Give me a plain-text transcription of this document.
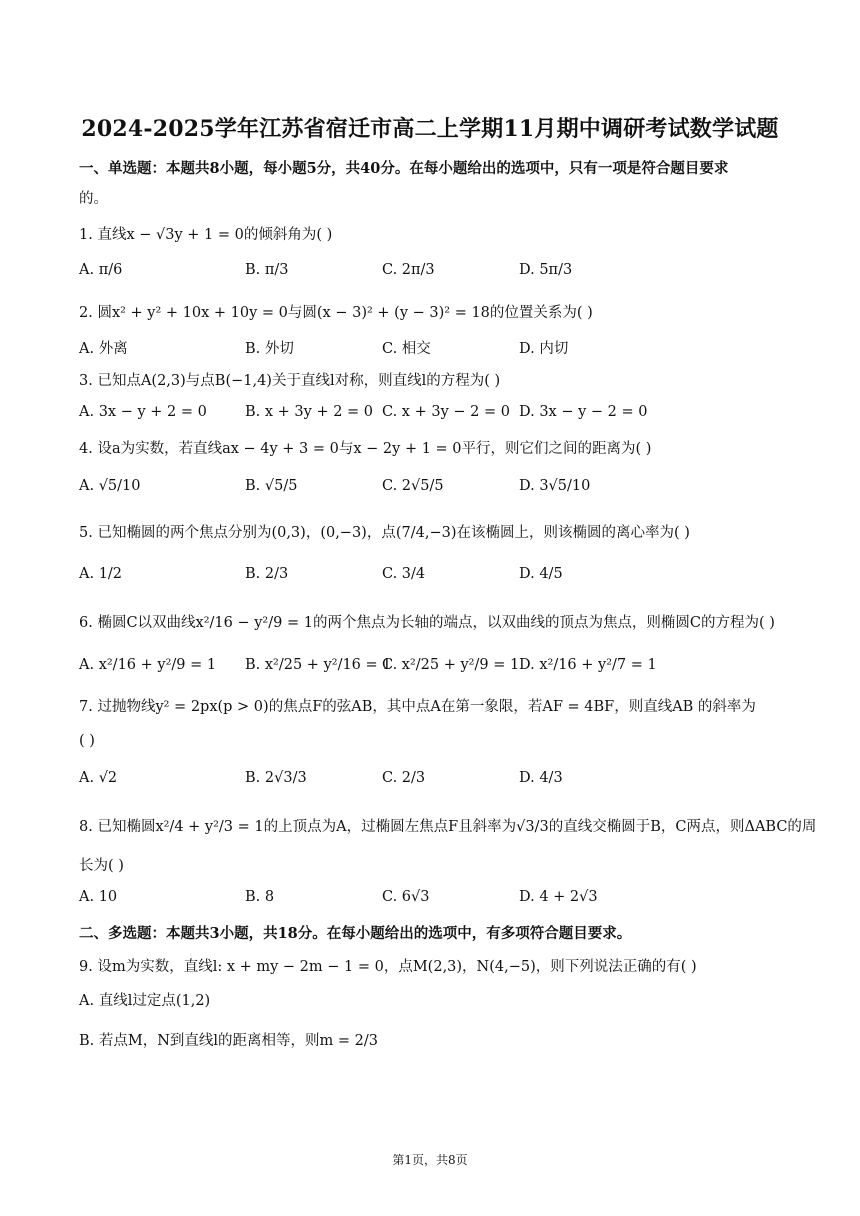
2024-2025学年江苏省宿迁市高二上学期11月期中调研考试数学试题
一、单选题：本题共8小题，每小题5分，共40分。在每小题给出的选项中，只有一项是符合题目要求
的。
1. 直线x − √3y + 1 = 0的倾斜角为( )
A. π/6	B. π/3	C. 2π/3	D. 5π/3
2. 圆x² + y² + 10x + 10y = 0与圆(x − 3)² + (y − 3)² = 18的位置关系为( )
A. 外离	B. 外切	C. 相交	D. 内切
3. 已知点A(2,3)与点B(−1,4)关于直线l对称，则直线l的方程为( )
A. 3x − y + 2 = 0	B. x + 3y + 2 = 0 C. x + 3y − 2 = 0 D. 3x − y − 2 = 0
4. 设a为实数，若直线ax − 4y + 3 = 0与x − 2y + 1 = 0平行，则它们之间的距离为( )
A. √5/10	B. √5/5	C. 2√5/5	D. 3√5/10
5. 已知椭圆的两个焦点分别为(0,3)，(0,−3)，点(7/4,−3)在该椭圆上，则该椭圆的离心率为( )
A. 1/2	B. 2/3	C. 3/4	D. 4/5
6. 椭圆C以双曲线x²/16 − y²/9 = 1的两个焦点为长轴的端点，以双曲线的顶点为焦点，则椭圆C的方程为( )
A. x²/16 + y²/9 = 1 B. x²/25 + y²/16 = 1
C. x²/25 + y²/9 = 1 D. x²/16 + y²/7 = 1
7. 过抛物线y² = 2px(p > 0)的焦点F的弦AB，其中点A在第一象限，若AF = 4BF，则直线AB 的斜率为
( )
A. √2	B. 2√3/3	C. 2/3	D. 4/3
8. 已知椭圆x²/4 + y²/3 = 1的上顶点为A，过椭圆左焦点F且斜率为√3/3的直线交椭圆于B，C两点，则ΔABC的周
长为( )
A. 10	B. 8	C. 6√3	D. 4 + 2√3
二、多选题：本题共3小题，共18分。在每小题给出的选项中，有多项符合题目要求。
9. 设m为实数，直线l: x + my − 2m − 1 = 0，点M(2,3)，N(4,−5)，则下列说法正确的有( )
A. 直线l过定点(1,2)
B. 若点M，N到直线l的距离相等，则m = 2/3
第1页，共8页
